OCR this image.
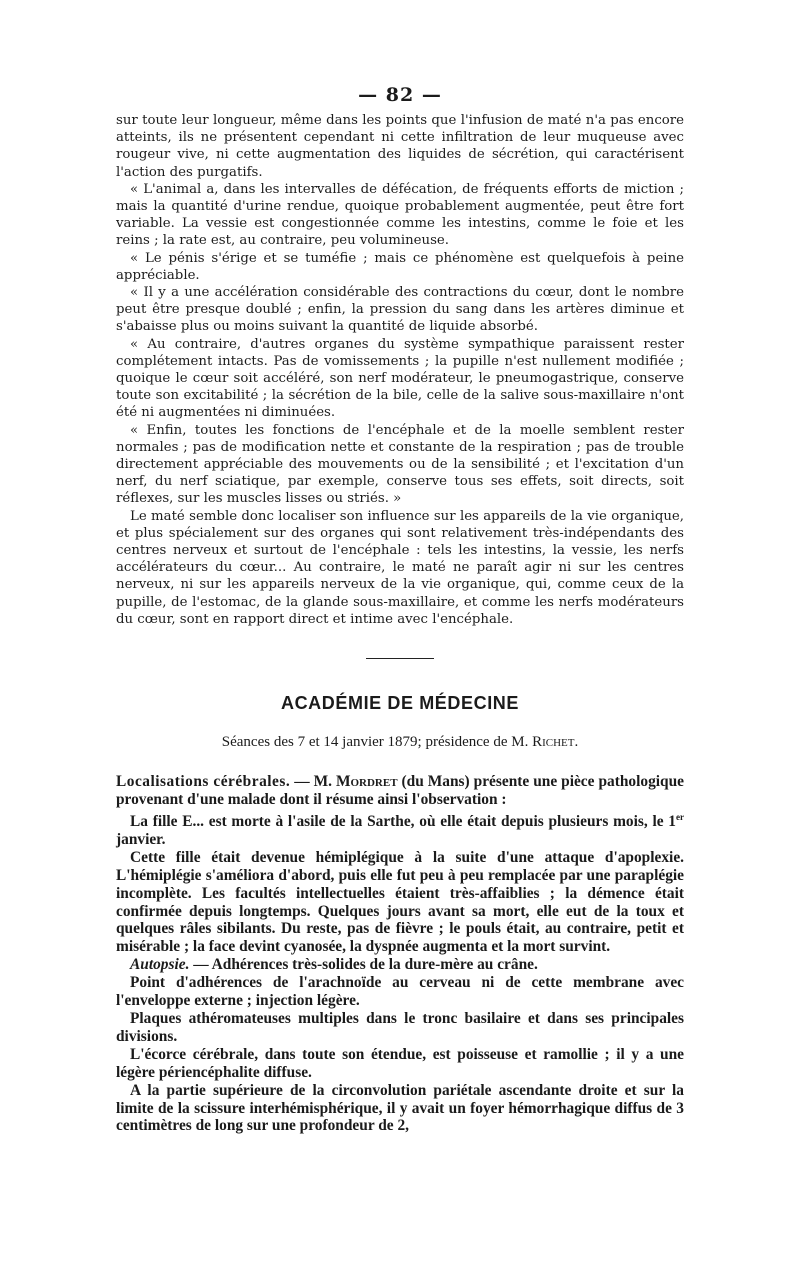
— 82 —

sur toute leur longueur, même dans les points que l'infusion de maté n'a pas encore atteints, ils ne présentent cependant ni cette infiltration de leur muqueuse avec rougeur vive, ni cette augmentation des liquides de sécrétion, qui caractérisent l'action des purgatifs.

« L'animal a, dans les intervalles de défécation, de fréquents efforts de miction ; mais la quantité d'urine rendue, quoique probablement augmentée, peut être fort variable. La vessie est congestionnée comme les intestins, comme le foie et les reins ; la rate est, au contraire, peu volumineuse.

« Le pénis s'érige et se tuméfie ; mais ce phénomène est quelquefois à peine appréciable.

« Il y a une accélération considérable des contractions du cœur, dont le nombre peut être presque doublé ; enfin, la pression du sang dans les artères diminue et s'abaisse plus ou moins suivant la quantité de liquide absorbé.

« Au contraire, d'autres organes du système sympathique paraissent rester complétement intacts. Pas de vomissements ; la pupille n'est nullement modifiée ; quoique le cœur soit accéléré, son nerf modérateur, le pneumogastrique, conserve toute son excitabilité ; la sécrétion de la bile, celle de la salive sous-maxillaire n'ont été ni augmentées ni diminuées.

« Enfin, toutes les fonctions de l'encéphale et de la moelle semblent rester normales ; pas de modification nette et constante de la respiration ; pas de trouble directement appréciable des mouvements ou de la sensibilité ; et l'excitation d'un nerf, du nerf sciatique, par exemple, conserve tous ses effets, soit directs, soit réflexes, sur les muscles lisses ou striés. »

Le maté semble donc localiser son influence sur les appareils de la vie organique, et plus spécialement sur des organes qui sont relativement très-indépendants des centres nerveux et surtout de l'encéphale : tels les intestins, la vessie, les nerfs accélérateurs du cœur... Au contraire, le maté ne paraît agir ni sur les centres nerveux, ni sur les appareils nerveux de la vie organique, qui, comme ceux de la pupille, de l'estomac, de la glande sous-maxillaire, et comme les nerfs modérateurs du cœur, sont en rapport direct et intime avec l'encéphale.

ACADÉMIE DE MÉDECINE

Séances des 7 et 14 janvier 1879; présidence de M. Richet.

Localisations cérébrales. — M. Mordret (du Mans) présente une pièce pathologique provenant d'une malade dont il résume ainsi l'observation :

La fille E... est morte à l'asile de la Sarthe, où elle était depuis plusieurs mois, le 1er janvier.

Cette fille était devenue hémiplégique à la suite d'une attaque d'apoplexie. L'hémiplégie s'améliora d'abord, puis elle fut peu à peu remplacée par une paraplégie incomplète. Les facultés intellectuelles étaient très-affaiblies ; la démence était confirmée depuis longtemps. Quelques jours avant sa mort, elle eut de la toux et quelques râles sibilants. Du reste, pas de fièvre ; le pouls était, au contraire, petit et misérable ; la face devint cyanosée, la dyspnée augmenta et la mort survint.

Autopsie. — Adhérences très-solides de la dure-mère au crâne.

Point d'adhérences de l'arachnoïde au cerveau ni de cette membrane avec l'enveloppe externe ; injection légère.

Plaques athéromateuses multiples dans le tronc basilaire et dans ses principales divisions.

L'écorce cérébrale, dans toute son étendue, est poisseuse et ramollie ; il y a une légère périencéphalite diffuse.

A la partie supérieure de la circonvolution pariétale ascendante droite et sur la limite de la scissure interhémisphérique, il y avait un foyer hémorrhagique diffus de 3 centimètres de long sur une profondeur de 2,
